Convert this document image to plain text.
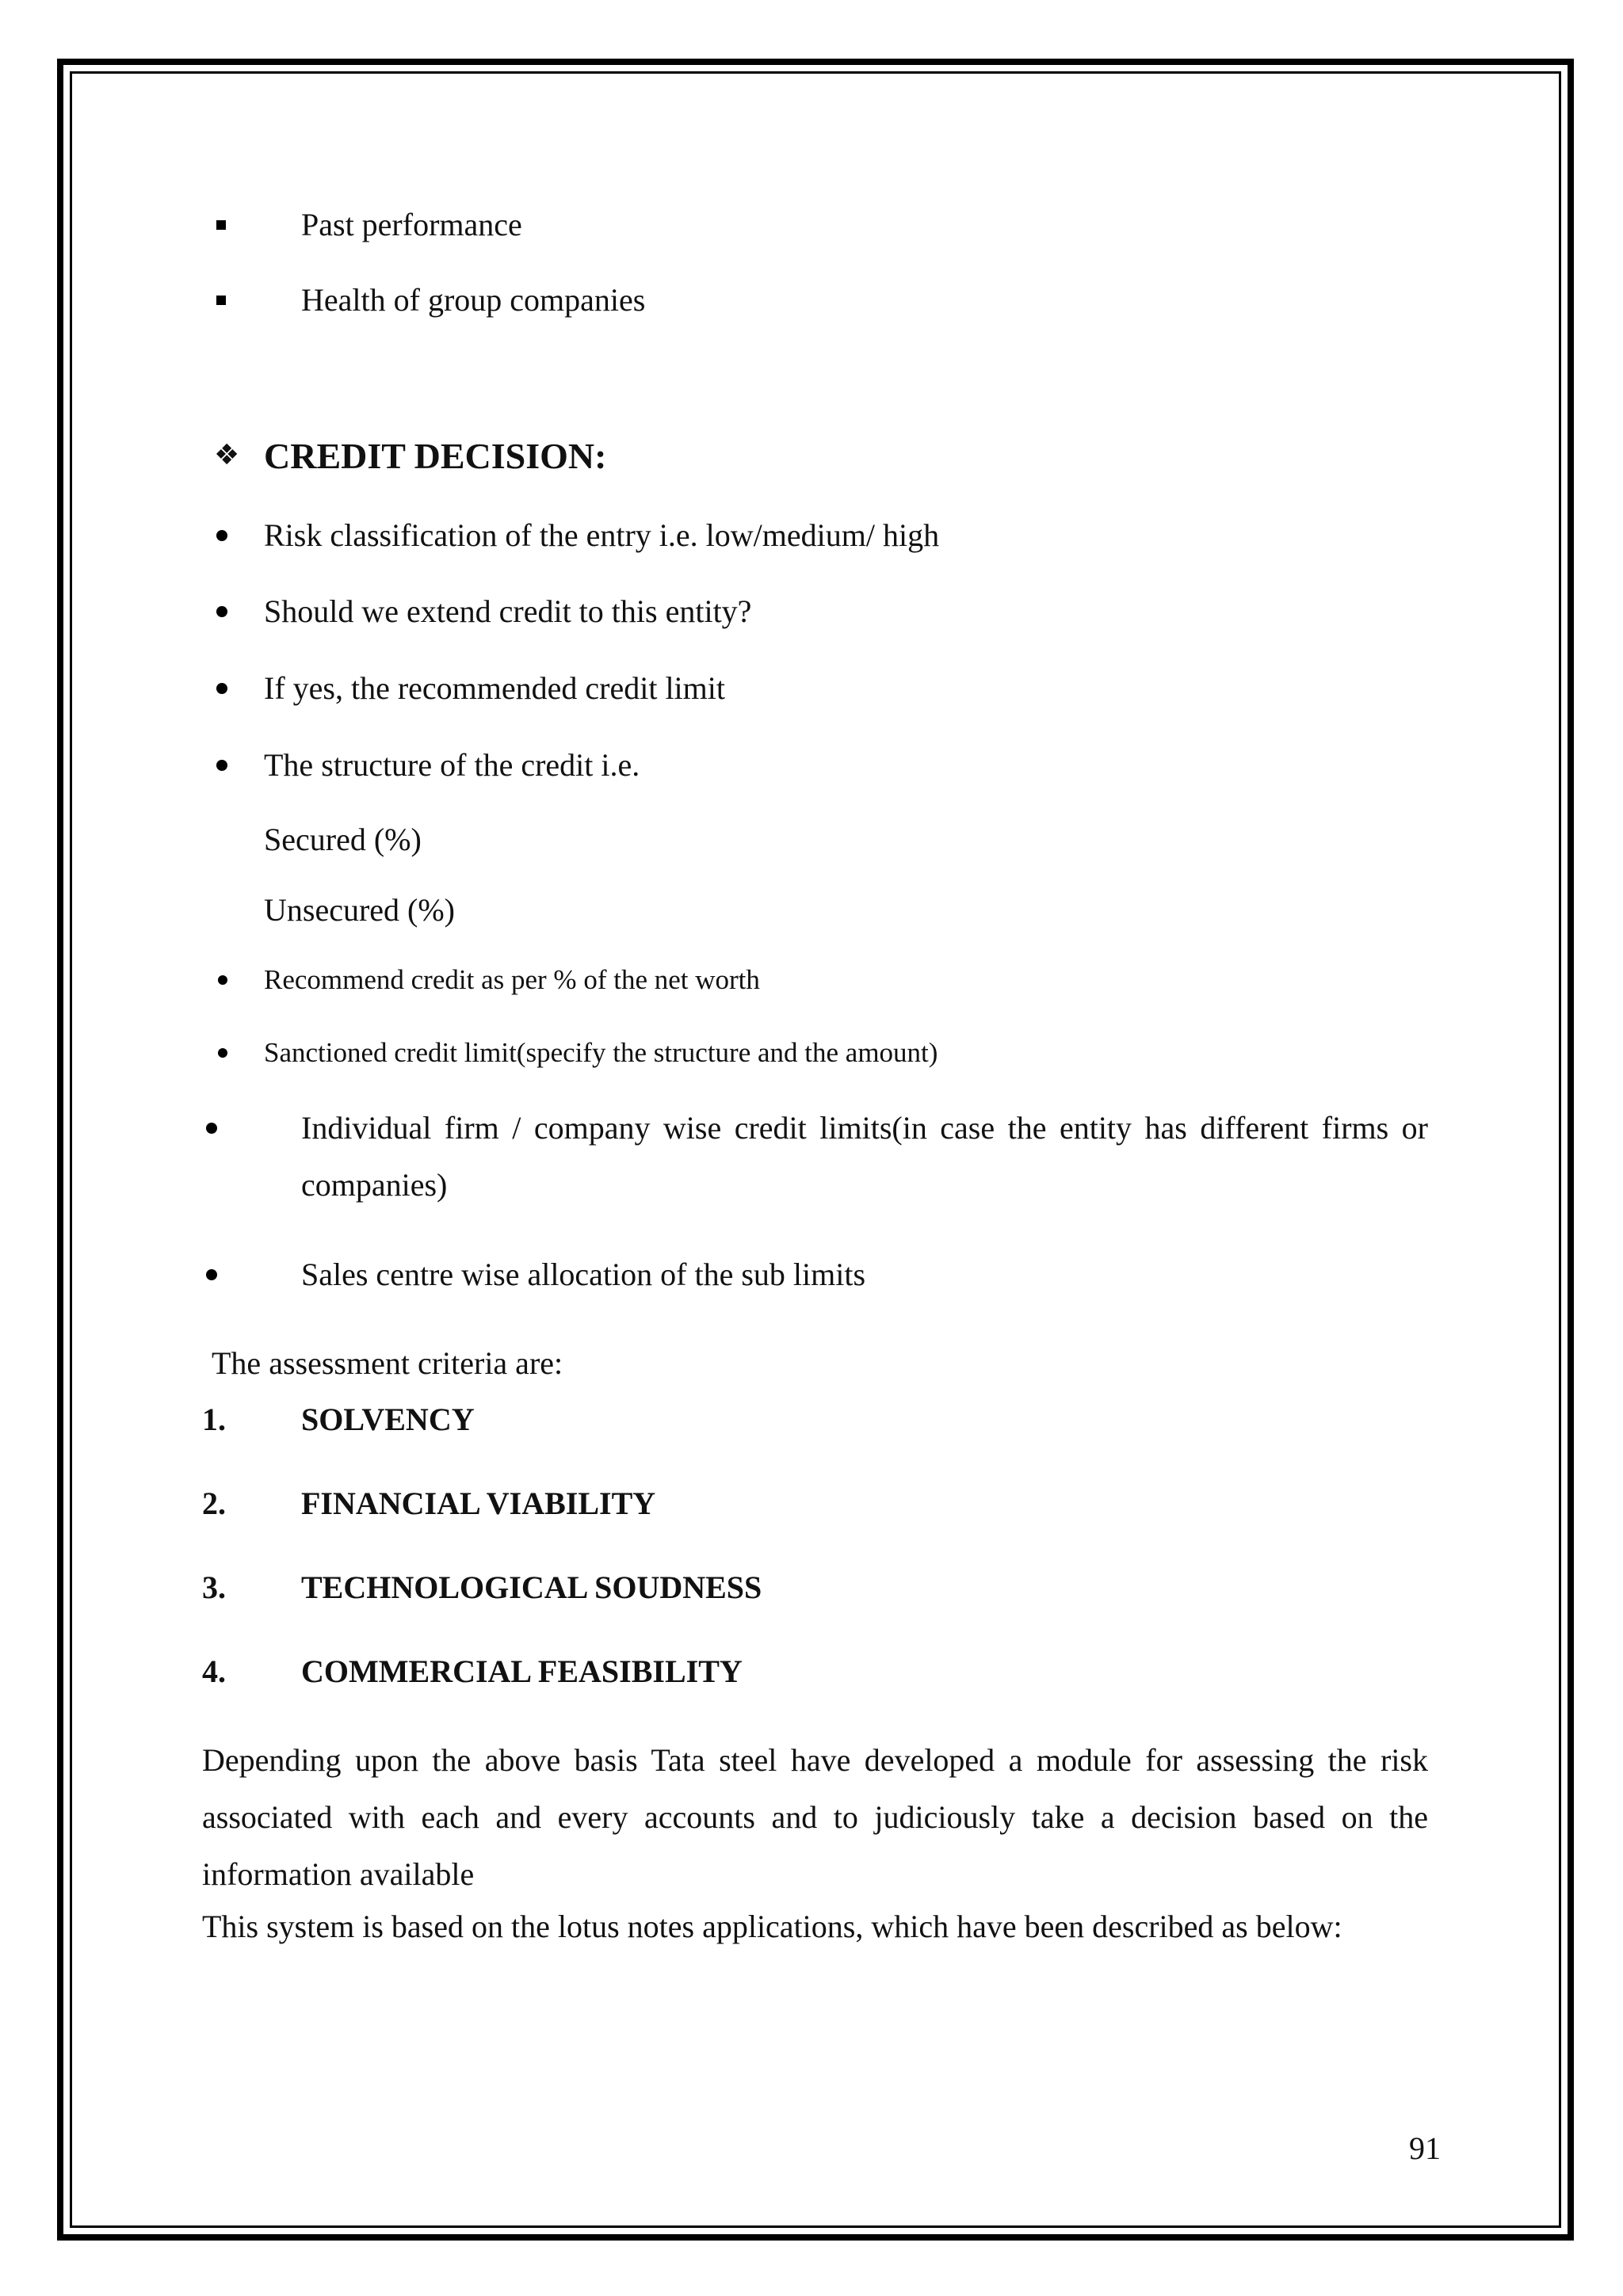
Past performance
Health of group companies
❖ CREDIT DECISION:
Risk classification of the entry i.e. low/medium/ high
Should we extend credit to this entity?
If yes, the recommended credit limit
The structure of the credit i.e.
Secured (%)
Unsecured (%)
Recommend credit as per % of the net worth
Sanctioned credit limit(specify the structure and the amount)
Individual firm / company wise credit limits(in case the entity has different firms or companies)
Sales centre wise allocation of the sub limits
The assessment criteria are:
1. SOLVENCY
2. FINANCIAL VIABILITY
3. TECHNOLOGICAL SOUDNESS
4. COMMERCIAL FEASIBILITY
Depending upon the above basis Tata steel have developed a module for assessing the risk associated with each and every accounts and to judiciously take a decision based on the information available
This system is based on the lotus notes applications, which have been described as below:
91
